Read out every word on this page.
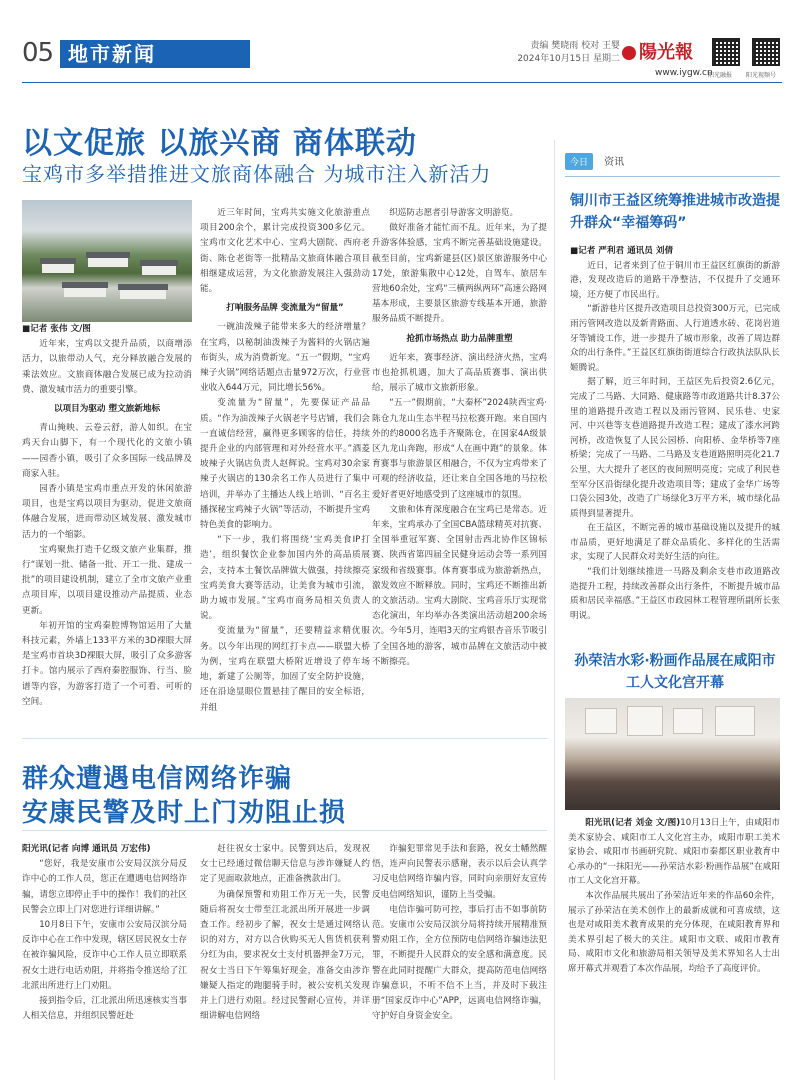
05 地市新闻	责编 樊晓雨 校对 王婴
2024年10月15日 星期二	陽光報
www.iygw.cn
阳光融报 阳光视频号
以文促旅 以旅兴商 商体联动
宝鸡市多举措推进文旅商体融合 为城市注入新活力

■记者 张伟 文/图

近年来，宝鸡以文提升品质，以商增添活力，以旅带动人气，充分释放融合发展的乘法效应。文旅商体融合发展已成为拉动消费、激发城市活力的重要引擎。

以项目为驱动 塑文旅新地标

青山掩映、云卷云舒，游人如织。在宝鸡天台山脚下，有一个现代化的文旅小镇——园香小镇，吸引了众多国际一线品牌及商家入驻。

园香小镇是宝鸡市重点开发的休闲旅游项目，也是宝鸡以项目为驱动，促进文旅商体融合发展，进而带动区域发展、激发城市活力的一个缩影。

宝鸡聚焦打造千亿级文旅产业集群，推行“谋划一批、储备一批、开工一批、建成一批”的项目建设机制，建立了全市文旅产业重点项目库，以项目建设推动产品提质、业态更新。

年初开馆的宝鸡秦腔博物馆运用了大量科技元素，外墙上133平方米的3D裸眼大屏是宝鸡市首块3D裸眼大屏，吸引了众多游客打卡。馆内展示了西府秦腔服饰、行当、脸谱等内容，为游客打造了一个可看、可听的空间。

近三年时间，宝鸡共实施文化旅游重点项目200余个，累计完成投资300多亿元。宝鸡市文化艺术中心、宝鸡大剧院、西府老街、陈仓老街等一批精品文旅商体融合项目相继建成运营，为文化旅游发展注入强劲动能。

打响服务品牌 变流量为“留量”

一碗油泼辣子能带来多大的经济增量？在宝鸡，以秘制油泼辣子为酱料的火锅店遍布街头，成为消费新宠。“五一”假期，“宝鸡辣子火锅”网络话题点击量972万次，行业营业收入644万元，同比增长56%。

变流量为“留量”，先要保证产品品质。“作为油泼辣子火锅老字号店铺，我们会一直诚信经营，赢得更多顾客的信任，持续提升企业的内部管理和对外经营水平。”酒菱坡辣子火锅店负责人赵辉说。宝鸡对30余家辣子火锅店的130余名工作人员进行了集中培训，并举办了主播达人线上培训、“百名主播探秘宝鸡辣子火锅”等活动，不断提升宝鸡特色美食的影响力。

“下一步，我们将围绕‘宝鸡美食IP打造’，组织餐饮企业参加国内外的高品质展会，支持本土餐饮品牌做大做强，持续擦亮宝鸡美食大赛等活动，让美食为城市引流，助力城市发展。”宝鸡市商务局相关负责人说。

变流量为“留量”，还要精益求精优服务。以今年出现的网红打卡点——联盟大桥为例，宝鸡在联盟大桥附近增设了停车场地，新建了公厕等，加固了安全防护设施，还在沿途显眼位置悬挂了醒目的安全标语，并组

织巡防志愿者引导游客文明游览。

做好准备才能忙而不乱。近年来，为了提升游客体验感，宝鸡不断完善基础设施建设。截至目前，宝鸡新建县(区)景区旅游服务中心17处，旅游集散中心12处，自驾车、旅居车营地60余处，宝鸡“三横两纵两环”高速公路网基本形成，主要景区旅游专线基本开通，旅游服务品质不断提升。

抢抓市场热点 助力品牌重塑

近年来，赛事经济、演出经济火热，宝鸡市也抢抓机遇，加大了高品质赛事、演出供给，展示了城市文旅新形象。

“五一”假期前，“大秦杯”2024陕西宝鸡·陈仓九龙山生态半程马拉松赛开跑。来自国内外的约8000名选手齐聚陈仓，在国家4A级景区九龙山奔跑，形成“人在画中跑”的景象。体育赛事与旅游景区相融合，不仅为宝鸡带来了可观的经济收益，还让来自全国各地的马拉松爱好者更好地感受到了这座城市的氛围。

文旅和体育深度融合在宝鸡已是常态。近年来，宝鸡承办了全国CBA篮球精英对抗赛、全国举重冠军赛、全国射击西北协作区锦标赛、陕西省第四届全民健身运动会等一系列国家级和省级赛事。体育赛事成为旅游新热点，激发效应不断释放。同时，宝鸡还不断推出新的文旅活动。宝鸡大剧院、宝鸡音乐厅实现常态化演出，年均举办各类演出活动超200余场次。今年5月，连唱3天的宝鸡银杏音乐节吸引了全国各地的游客，城市品牌在文旅活动中被不断擦亮。

今日 资讯
铜川市王益区统筹推进城市改造提升群众“幸福筹码”

■记者 严利君 通讯员 刘倩

近日，记者来到了位于铜川市王益区红旗街的新游港，发现改造后的道路干净整洁，不仅提升了交通环境，还方便了市民出行。

“新游巷片区提升改造项目总投资300万元，已完成雨污管网改造以及新青路面、人行道透水砖、花岗岩道牙等铺设工作，进一步提升了城市形象，改善了周边群众的出行条件。”王益区红旗街街道综合行政执法队队长姬腾说。

据了解，近三年时间，王益区先后投资2.6亿元，完成了二马路、大同路、健康路等市政道路共计8.37公里的道路提升改造工程以及雨污管网、民乐巷、史家河、中兴巷等支巷道路提升改造工程；建成了漆水河跨河桥，改造恢复了人民公园桥、向阳桥、金华桥等7座桥梁；完成了一马路、二马路及支巷道路照明亮化21.7公里，大大提升了老区的夜间照明亮度；完成了利民巷至军分区沿街绿化提升改造项目等；建成了金华广场等口袋公园3处，改造了广场绿化3万平方米，城市绿化品质得到显著提升。

在王益区，不断完善的城市基础设施以及提升的城市品质，更好地满足了群众品质化、多样化的生活需求，实现了人民群众对美好生活的向往。

“我们计划继续推进一马路及剩余支巷市政道路改造提升工程，持续改善群众出行条件，不断提升城市品质和居民幸福感。”王益区市政园林工程管理所副所长张明说。

孙荣洁水彩·粉画作品展在咸阳市工人文化宫开幕

阳光讯(记者 刘金 文/图)10月13日上午，由咸阳市美术家协会、咸阳市工人文化宫主办，咸阳市职工美术家协会、咸阳市书画研究院、咸阳市秦都区职业教育中心承办的“一抹阳光——孙荣洁水彩·粉画作品展”在咸阳市工人文化宫开幕。

本次作品展共展出了孙荣洁近年来的作品60余件，展示了孙荣洁在美术创作上的最新成就和可喜成绩，这也是对咸阳美术教育成果的充分体现，在咸阳教育界和美术界引起了极大的关注。咸阳市文联、咸阳市教育局、咸阳市文化和旅游局相关领导及美术界知名人士出席开幕式并观看了本次作品展，均给予了高度评价。

群众遭遇电信网络诈骗
安康民警及时上门劝阻止损

阳光讯(记者 向博 通讯员 万宏伟)

“您好，我是安康市公安局汉滨分局反诈中心的工作人员，您正在遭遇电信网络诈骗，请您立即停止手中的操作！我们的社区民警会立即上门对您进行详细讲解。”

10月8日下午，安康市公安局汉滨分局反诈中心在工作中发现，辖区居民祝女士存在被诈骗风险，反诈中心工作人员立即联系祝女士进行电话劝阻，并将指令推送给了江北派出所进行上门劝阻。

接到指令后，江北派出所迅速核实当事人相关信息，并组织民警赶赴

赶往祝女士家中。民警到达后，发现祝女士已经通过微信聊天信息与涉诈嫌疑人约定了见面取款地点，正准备携款出门。

为确保预警和劝阻工作万无一失，民警随后将祝女士带至江北派出所开展进一步调查工作。经初步了解，祝女士是通过网络认识的对方，对方以合伙购买无人售货机获利分红为由，要求祝女士支付机器押金7万元，祝女士当日下午筹集好现金，准备交由涉诈嫌疑人指定的跑腿骑手时，被公安机关发现并上门进行劝阻。经过民警耐心宣传，并详细讲解电信网络

诈骗犯罪常见手法和套路，祝女士幡然醒悟，连声向民警表示感谢，表示以后会认真学习反电信网络诈骗内容，同时向亲朋好友宣传反电信网络知识，谨防上当受骗。

电信诈骗可防可控，事后打击不如事前防范。安康市公安局汉滨分局将持续开展精准预警劝阻工作，全方位预防电信网络诈骗违法犯罪，不断提升人民群众的安全感和满意度。民警在此同时提醒广大群众，提高防范电信网络诈骗意识，不听不信不上当，并及时下载注册“国家反诈中心”APP，远离电信网络诈骗，守护好自身资金安全。
